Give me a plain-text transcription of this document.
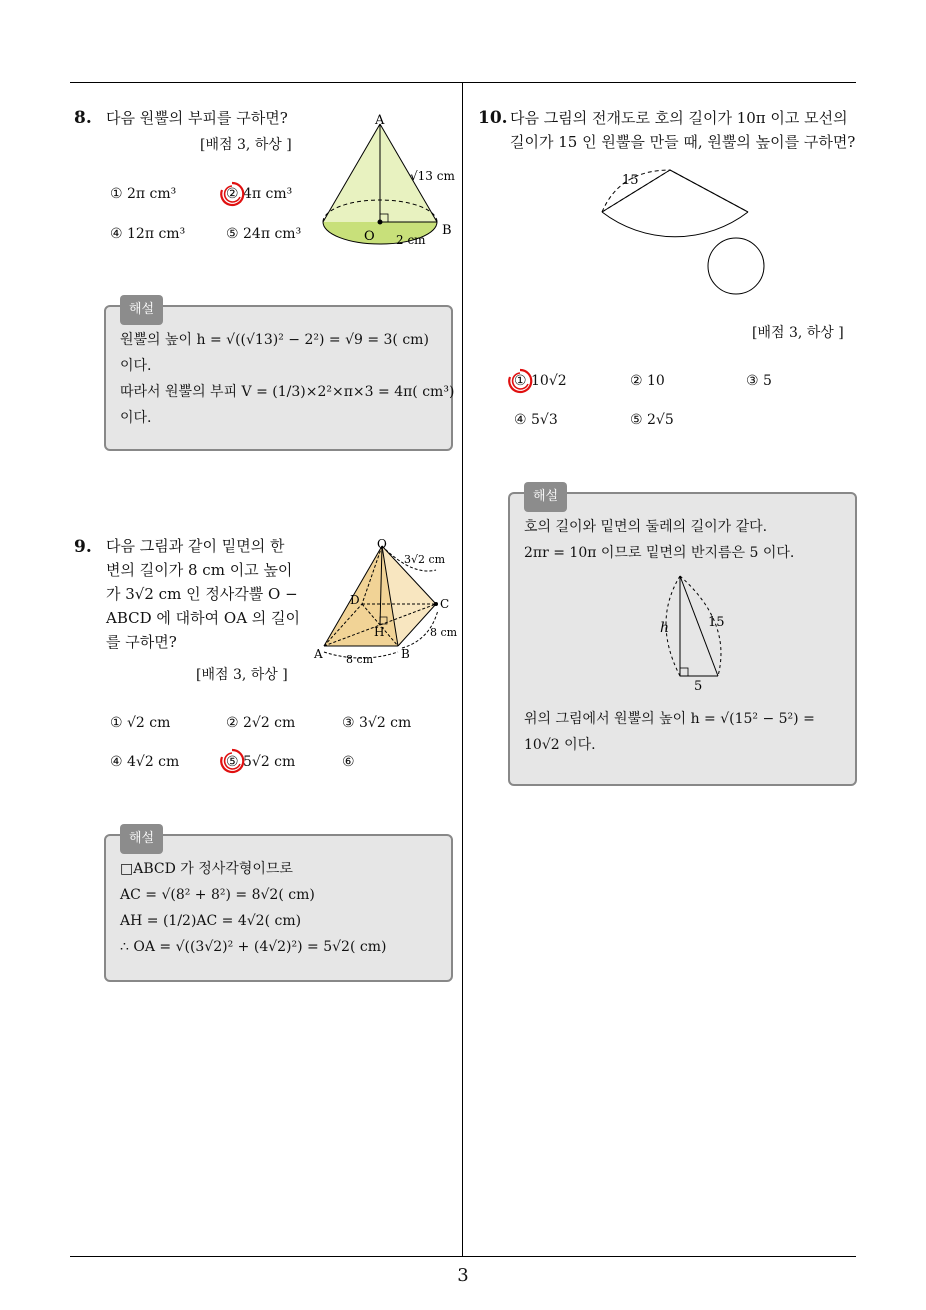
3
8. 다음 원뿔의 부피를 구하면?
[배점 3, 하상 ]
① 2π cm³	② 4π cm³
④ 12π cm³	⑤ 24π cm³
A
O	B
√13 cm
2 cm
해설
원뿔의 높이 h = √((√13)² − 2²) = √9 = 3( cm)
이다.
따라서 원뿔의 부피 V = (1/3)×2²×π×3 = 4π( cm³)
이다.
9. 다음 그림과 같이 밑면의 한
변의 길이가 8 cm 이고 높이
가 3√2 cm 인 정사각뿔 O −
ABCD 에 대하여 OA 의 길이
를 구하면?
[배점 3, 하상 ]
① √2 cm	② 2√2 cm	③ 3√2 cm
④ 4√2 cm	⑤ 5√2 cm	⑥
O
A	B
C
D
H
3√2 cm
8 cm
8 cm
해설
□ABCD 가 정사각형이므로
AC = √(8² + 8²) = 8√2( cm)
AH = (1/2)AC = 4√2( cm)
∴ OA = √((3√2)² + (4√2)²) = 5√2( cm)
10. 다음 그림의 전개도로 호의 길이가 10π 이고 모선의
길이가 15 인 원뿔을 만들 때, 원뿔의 높이를 구하면?
15
[배점 3, 하상 ]
① 10√2	② 10	③ 5
④ 5√3	⑤ 2√5
해설
호의 길이와 밑면의 둘레의 길이가 같다.
2πr = 10π 이므로 밑면의 반지름은 5 이다.
h	15
5
위의 그림에서 원뿔의 높이 h = √(15² − 5²) =
10√2 이다.
